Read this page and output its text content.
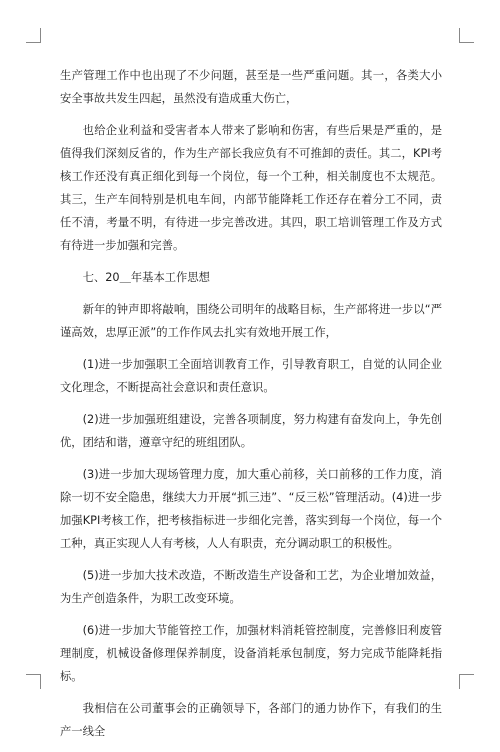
生产管理工作中也出现了不少问题，甚至是一些严重问题。其一，各类大小安全事故共发生四起，虽然没有造成重大伤亡，

也给企业利益和受害者本人带来了影响和伤害，有些后果是严重的，是值得我们深刻反省的，作为生产部长我应负有不可推卸的责任。其二，KPI考核工作还没有真正细化到每一个岗位，每一个工种，相关制度也不太规范。其三，生产车间特别是机电车间，内部节能降耗工作还存在着分工不同，责任不清，考量不明，有待进一步完善改进。其四，职工培训管理工作及方式有待进一步加强和完善。

七、20＿年基本工作思想

新年的钟声即将敲响，围绕公司明年的战略目标，生产部将进一步以“严谨高效，忠厚正派”的工作作风去扎实有效地开展工作，

(1)进一步加强职工全面培训教育工作，引导教育职工，自觉的认同企业文化理念，不断提高社会意识和责任意识。

(2)进一步加强班组建设，完善各项制度，努力构建有奋发向上，争先创优，团结和谐，遵章守纪的班组团队。

(3)进一步加大现场管理力度，加大重心前移，关口前移的工作力度，消除一切不安全隐患，继续大力开展“抓三违”、“反三松”管理活动。(4)进一步加强KPI考核工作，把考核指标进一步细化完善，落实到每一个岗位，每一个工种，真正实现人人有考核，人人有职责，充分调动职工的积极性。

(5)进一步加大技术改造，不断改造生产设备和工艺，为企业增加效益，为生产创造条件，为职工改变环境。

(6)进一步加大节能管控工作，加强材料消耗管控制度，完善修旧利废管理制度，机械设备修理保养制度，设备消耗承包制度，努力完成节能降耗指标。

我相信在公司董事会的正确领导下，各部门的通力协作下，有我们的生产一线全
